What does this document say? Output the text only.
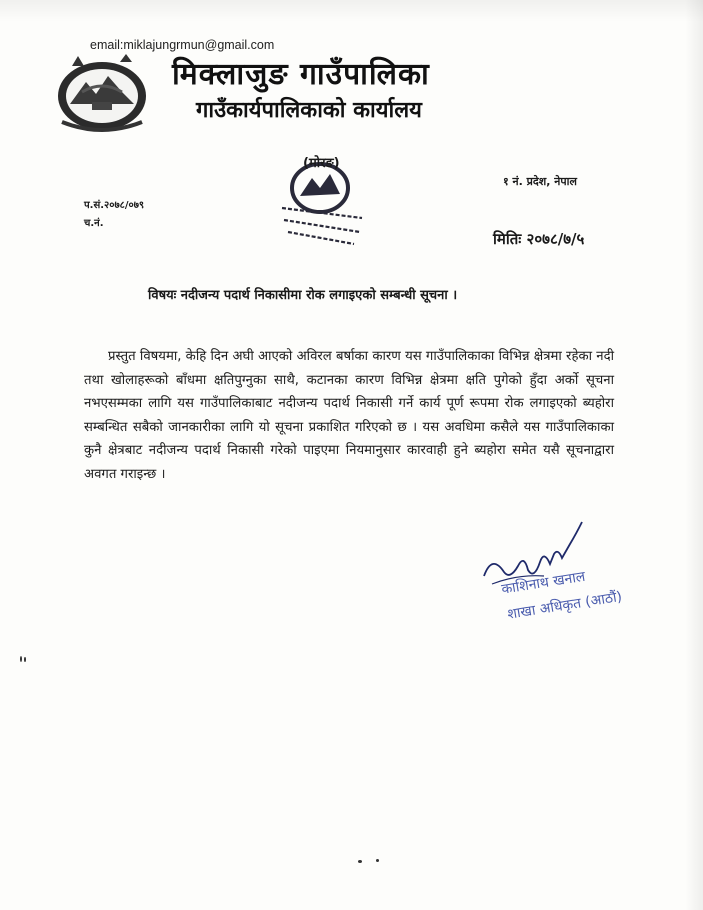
email:miklajungrmun@gmail.com
मिक्लाजुङ गाउँपालिका
गाउँकार्यपालिकाको कार्यालय
(मोरङ)
१ नं. प्रदेश, नेपाल
प.सं.२०७८/०७९
च.नं.
मितिः २०७८/७/५
विषयः नदीजन्य पदार्थ निकासीमा रोक लगाइएको सम्बन्धी सूचना ।
प्रस्तुत विषयमा, केहि दिन अघी आएको अविरल बर्षाका कारण यस गाउँपालिकाका विभिन्न क्षेत्रमा रहेका नदी तथा खोलाहरूको बाँधमा क्षतिपुग्नुका साथै, कटानका कारण विभिन्न क्षेत्रमा क्षति पुगेको हुँदा अर्को सूचना नभएसम्मका लागि यस गाउँपालिकाबाट नदीजन्य पदार्थ निकासी गर्ने कार्य पूर्ण रूपमा रोक लगाइएको ब्यहोरा सम्बन्धित सबैको जानकारीका लागि यो सूचना प्रकाशित गरिएको छ । यस अवधिमा कसैले यस गाउँपालिकाका कुनै क्षेत्रबाट नदीजन्य पदार्थ निकासी गरेको पाइएमा नियमानुसार कारवाही हुने ब्यहोरा समेत यसै सूचनाद्वारा अवगत गराइन्छ ।
काशिनाथ खनाल
शाखा अधिकृत (आठौं)
